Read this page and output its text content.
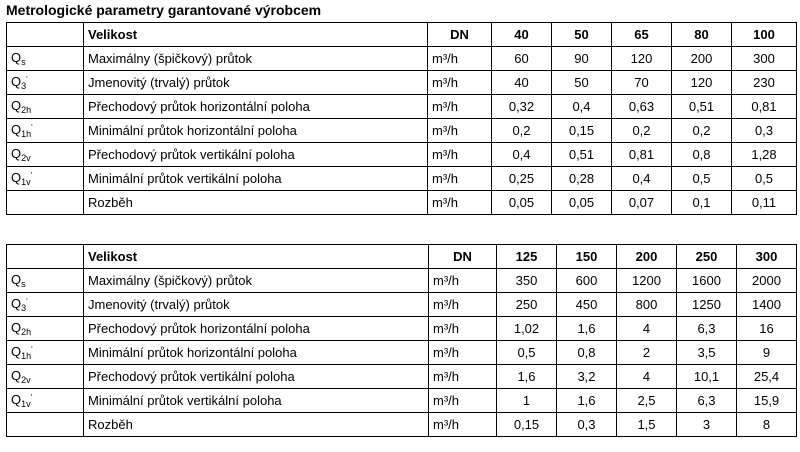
Metrologické parametry garantované výrobcem
	Velikost	DN	40	50	65	80	100
$Q_s$	Maximálny (špičkový) průtok	m³/h	60	90	120	200	300
$Q_3'$	Jmenovitý (trvalý) průtok	m³/h	40	50	70	120	230
$Q_{2h}$	Přechodový průtok horizontální poloha	m³/h	0,32	0,4	0,63	0,51	0,81
$Q_{1h}'$	Minimální průtok horizontální poloha	m³/h	0,2	0,15	0,2	0,2	0,3
$Q_{2v}$	Přechodový průtok vertikální poloha	m³/h	0,4	0,51	0,81	0,8	1,28
$Q_{1v}'$	Minimální průtok vertikální poloha	m³/h	0,25	0,28	0,4	0,5	0,5
	Rozběh	m³/h	0,05	0,05	0,07	0,1	0,11
	Velikost	DN	125	150	200	250	300
$Q_s$	Maximálny (špičkový) průtok	m³/h	350	600	1200	1600	2000
$Q_3'$	Jmenovitý (trvalý) průtok	m³/h	250	450	800	1250	1400
$Q_{2h}$	Přechodový průtok horizontální poloha	m³/h	1,02	1,6	4	6,3	16
$Q_{1h}'$	Minimální průtok horizontální poloha	m³/h	0,5	0,8	2	3,5	9
$Q_{2v}$	Přechodový průtok vertikální poloha	m³/h	1,6	3,2	4	10,1	25,4
$Q_{1v}'$	Minimální průtok vertikální poloha	m³/h	1	1,6	2,5	6,3	15,9
	Rozběh	m³/h	0,15	0,3	1,5	3	8
